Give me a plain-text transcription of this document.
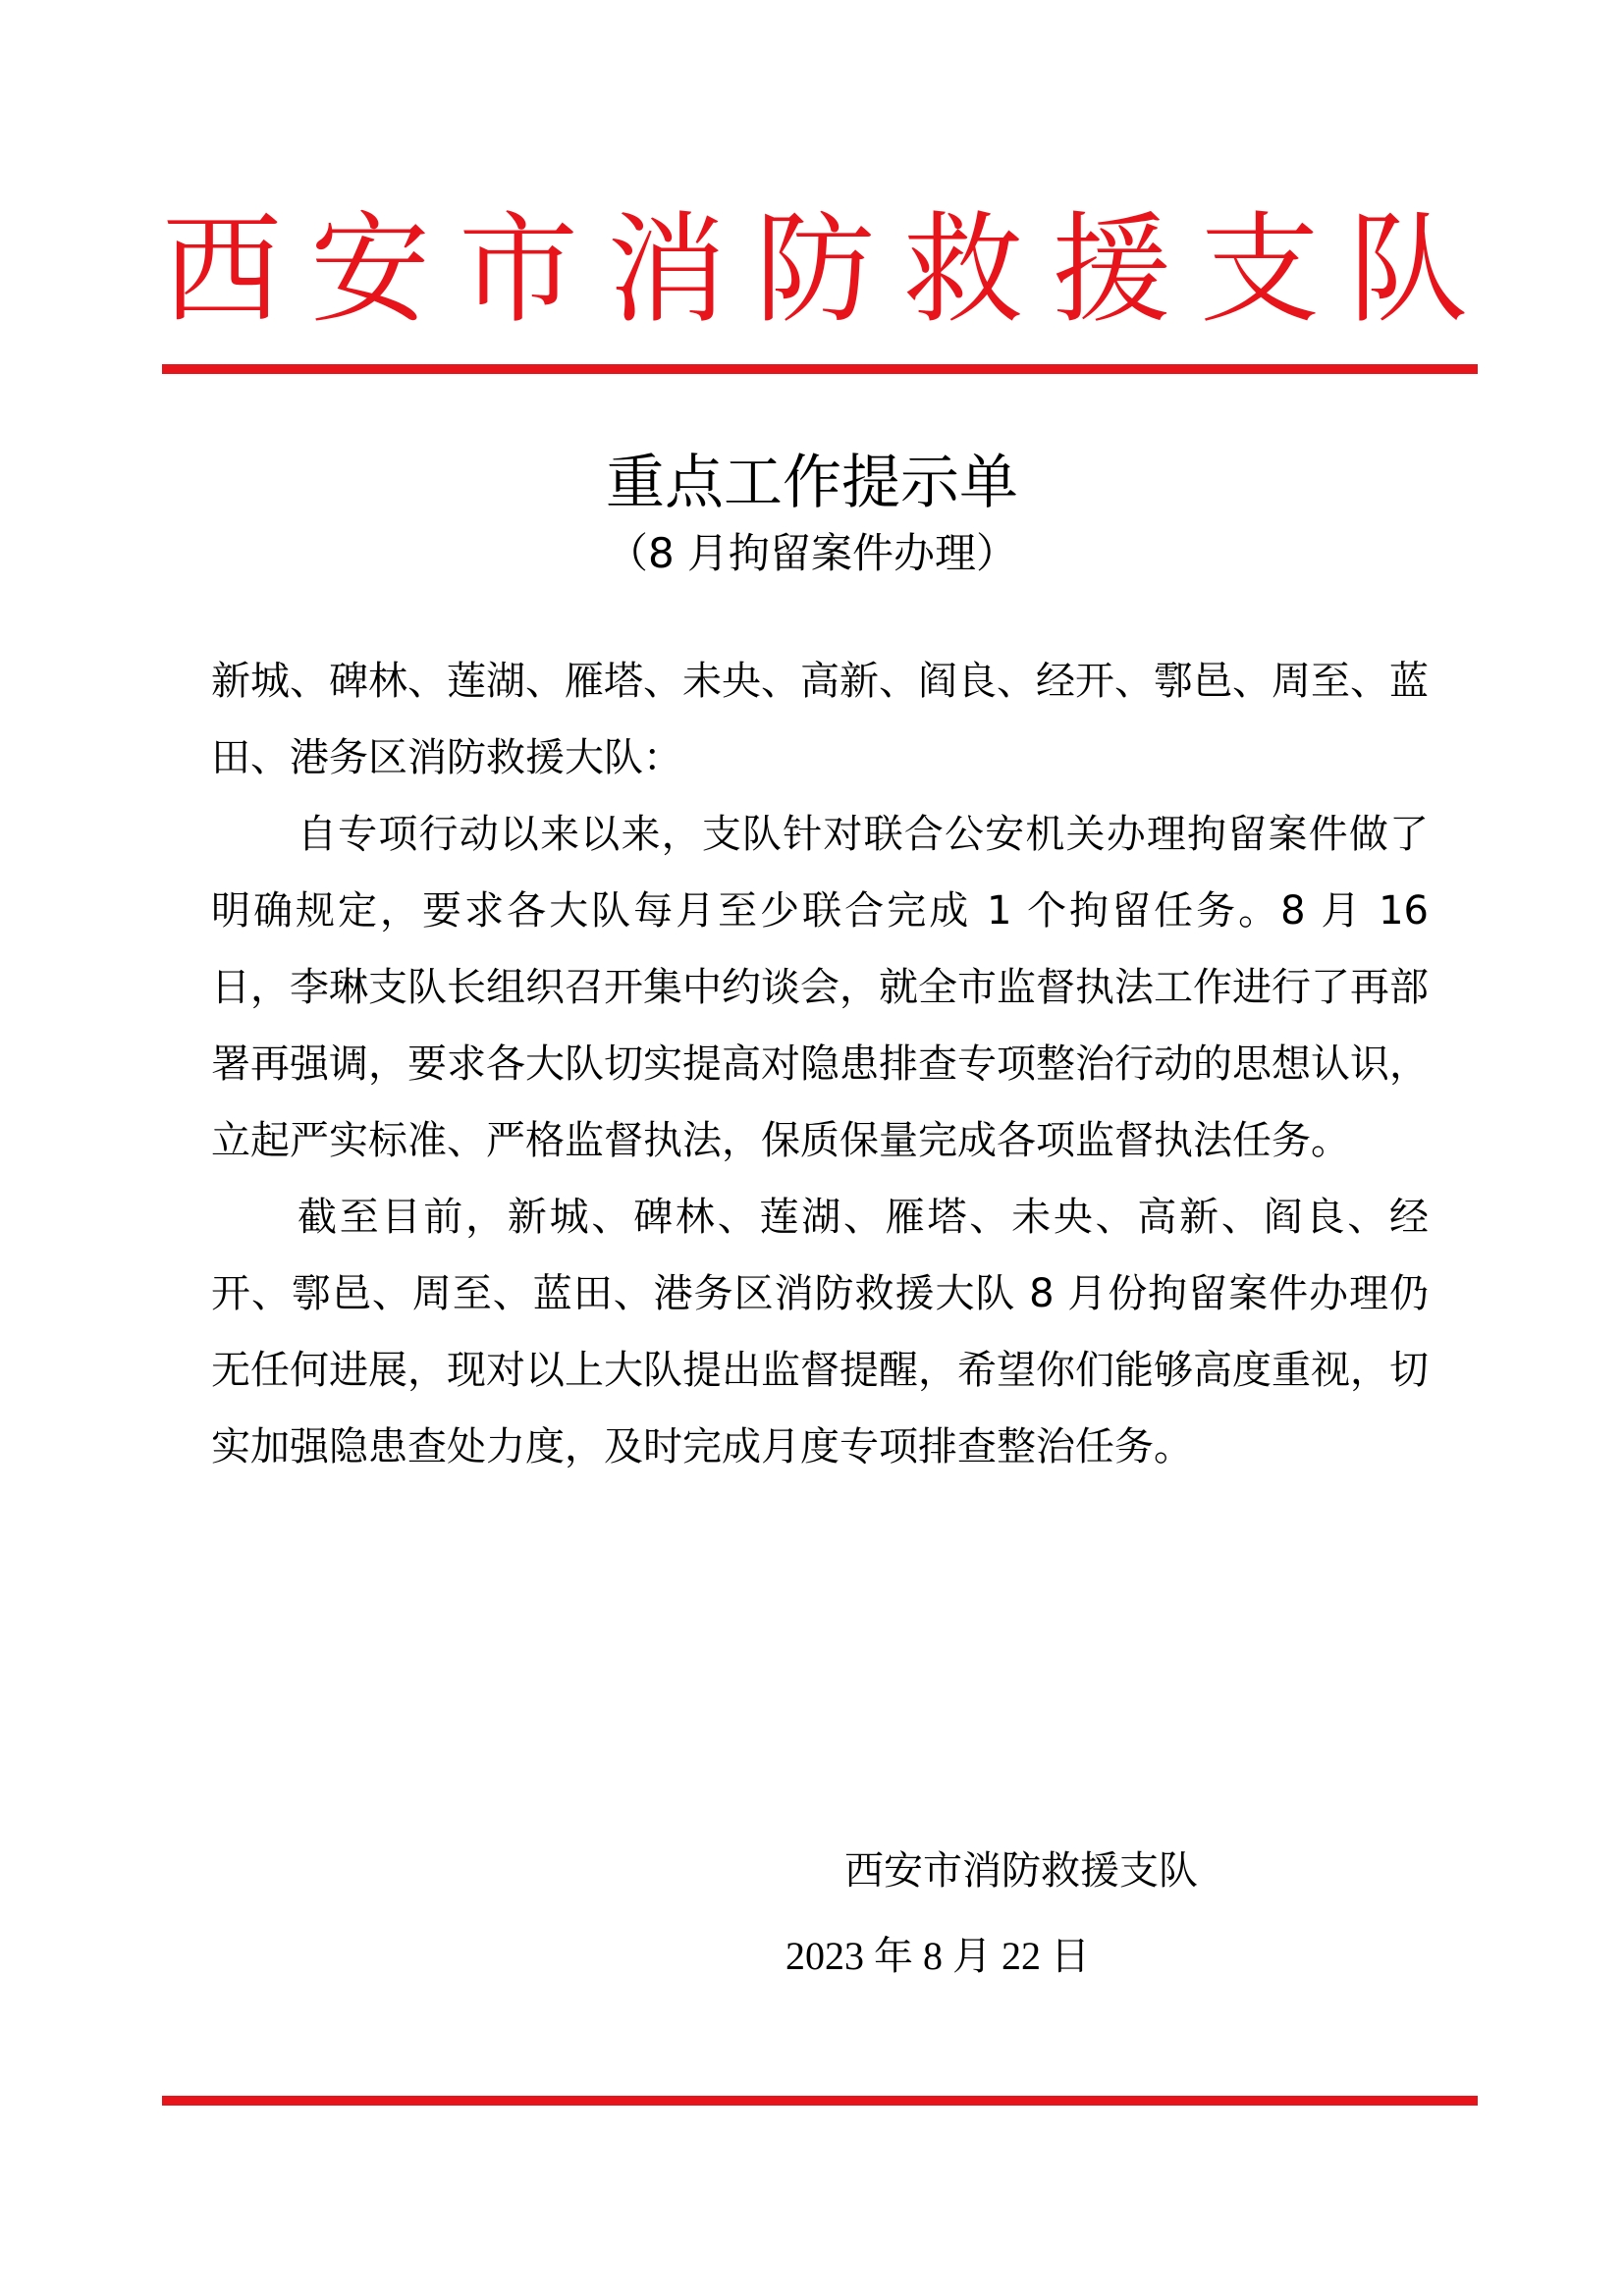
西 安 市 消 防 救 援 支 队
重点工作提示单
（8 月拘留案件办理）

新城、碑林、莲湖、雁塔、未央、高新、阎良、经开、鄠邑、周至、蓝田、港务区消防救援大队：

自专项行动以来以来，支队针对联合公安机关办理拘留案件做了明确规定，要求各大队每月至少联合完成 1 个拘留任务。8 月 16 日，李琳支队长组织召开集中约谈会，就全市监督执法工作进行了再部署再强调，要求各大队切实提高对隐患排查专项整治行动的思想认识，立起严实标准、严格监督执法，保质保量完成各项监督执法任务。

截至目前，新城、碑林、莲湖、雁塔、未央、高新、阎良、经开、鄠邑、周至、蓝田、港务区消防救援大队 8 月份拘留案件办理仍无任何进展，现对以上大队提出监督提醒，希望你们能够高度重视，切实加强隐患查处力度，及时完成月度专项排查整治任务。

西安市消防救援支队
2023 年 8 月 22 日
